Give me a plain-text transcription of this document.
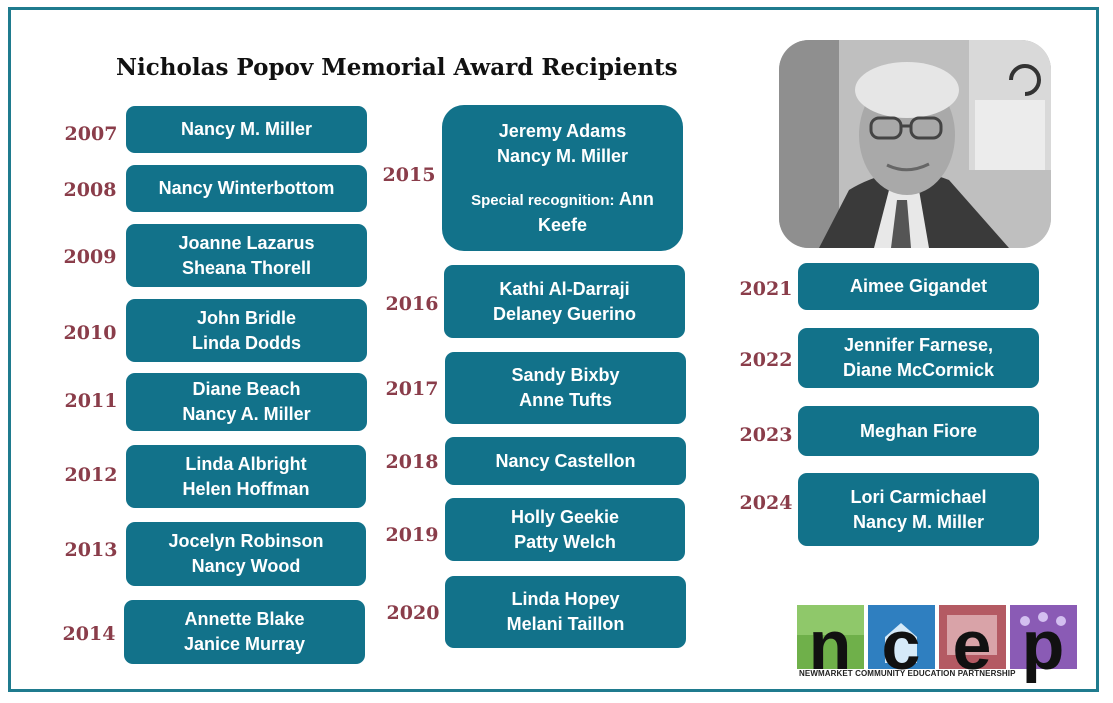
Nicholas Popov Memorial Award Recipients
2007	Nancy M. Miller
2008 Nancy Winterbottom
2009
Joanne Lazarus
Sheana Thorell
2010
John Bridle
Linda Dodds
2011
Diane Beach
Nancy A. Miller
2012
Linda Albright
Helen Hoffman
2013	Jocelyn Robinson
Nancy Wood
2014
Annette Blake
Janice Murray
2015
Jeremy Adams
Nancy M. Miller
Special recognition: Ann Keefe
2016
Kathi Al-Darraji
Delaney Guerino
2017
Sandy Bixby
Anne Tufts
2018	Nancy Castellon
2019
Holly Geekie
Patty Welch
2020
Linda Hopey
Melani Taillon
2021	Aimee Gigandet
2022
Jennifer Farnese,
Diane McCormick
2023	Meghan Fiore
2024	Lori Carmichael
Nancy M. Miller
n c e p
NEWMARKET COMMUNITY EDUCATION PARTNERSHIP
